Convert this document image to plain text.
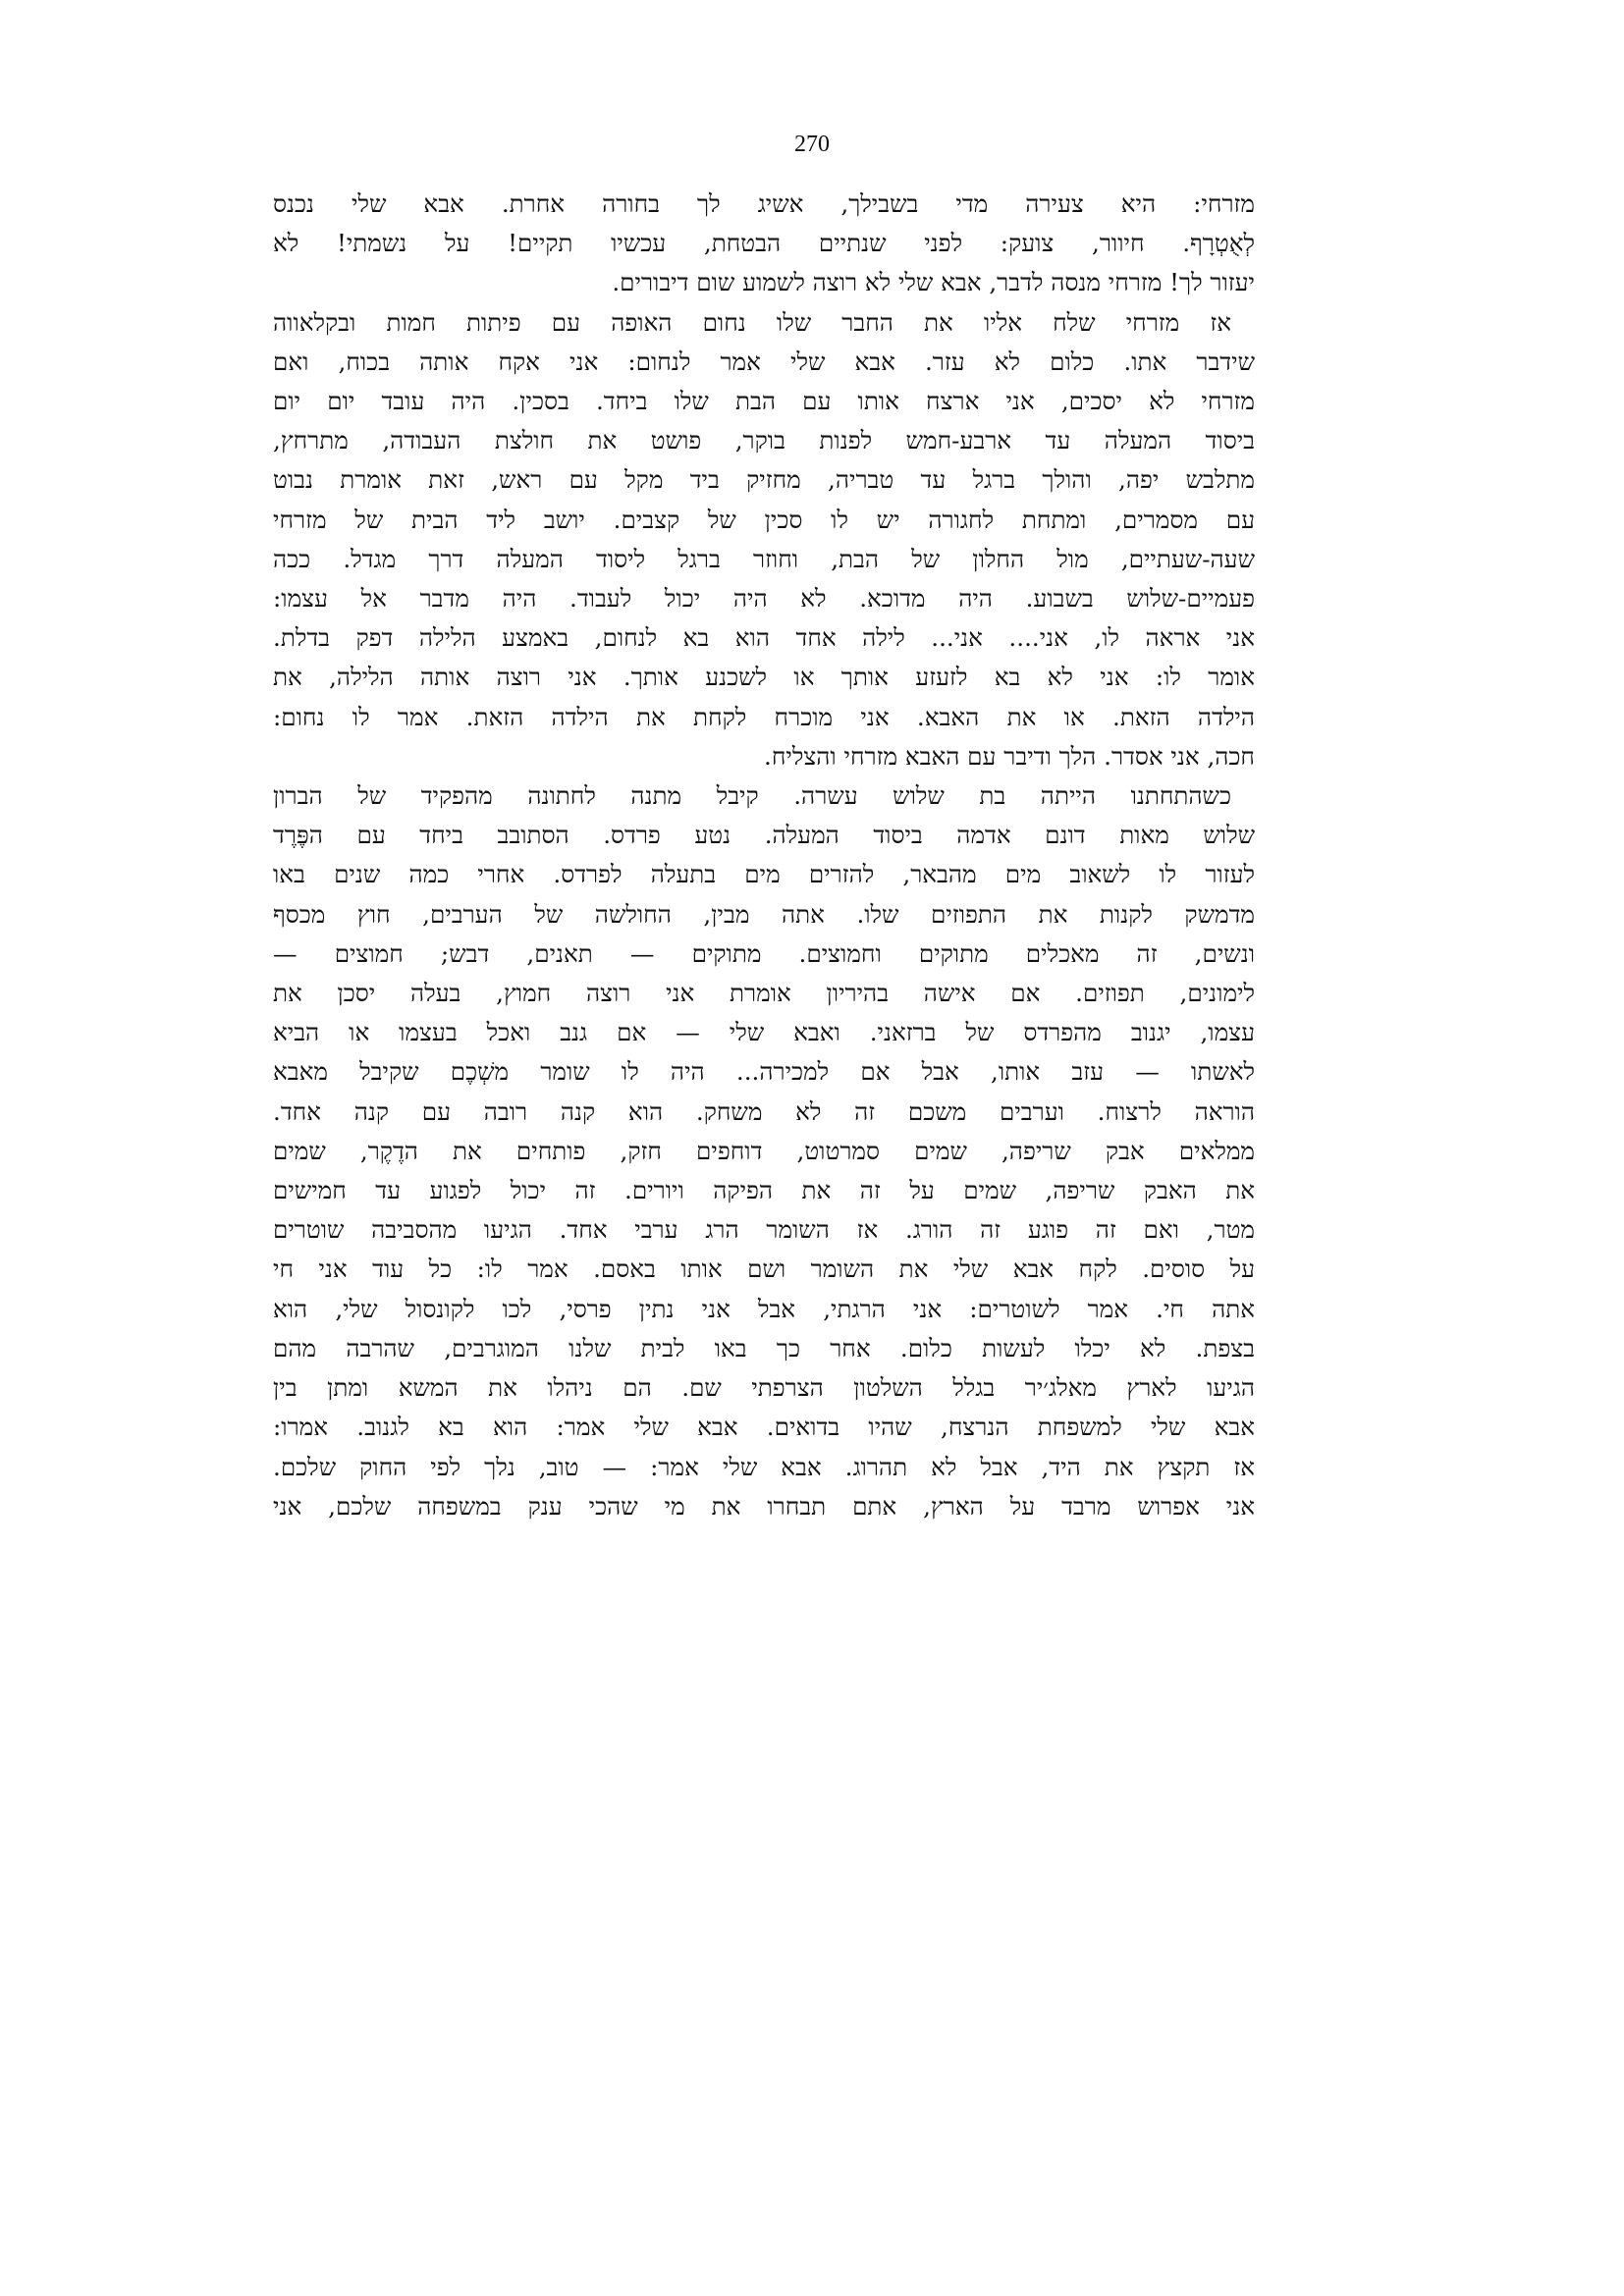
270
מזרחי: היא צעירה מדי בשבילך, אשיג לך בחורה אחרת. אבא שלי נכנס
לְאֻטְרָף. חיוור, צועק: לפני שנתיים הבטחת, עכשיו תקיים! על נשמתי! לא
יעזור לך! מזרחי מנסה לדבר, אבא שלי לא רוצה לשמוע שום דיבורים.
אז מזרחי שלח אליו את החבר שלו נחום האופה עם פיתות חמות ובקלאווה
שידבר אתו. כלום לא עזר. אבא שלי אמר לנחום: אני אקח אותה בכוח, ואם
מזרחי לא יסכים, אני ארצח אותו עם הבת שלו ביחד. בסכין. היה עובד יום יום
ביסוד המעלה עד ארבע-חמש לפנות בוקר, פושט את חולצת העבודה, מתרחץ,
מתלבש יפה, והולך ברגל עד טבריה, מחזיק ביד מקל עם ראש, זאת אומרת נבוט
עם מסמרים, ומתחת לחגורה יש לו סכין של קצבים. יושב ליד הבית של מזרחי
שעה-שעתיים, מול החלון של הבת, וחוזר ברגל ליסוד המעלה דרך מגדל. ככה
פעמיים-שלוש בשבוע. היה מדוכא. לא היה יכול לעבוד. היה מדבר אל עצמו:
אני אראה לו, אני.... אני... לילה אחד הוא בא לנחום, באמצע הלילה דפק בדלת.
אומר לו: אני לא בא לזעזע אותך או לשכנע אותך. אני רוצה אותה הלילה, את
הילדה הזאת. או את האבא. אני מוכרח לקחת את הילדה הזאת. אמר לו נחום:
חכה, אני אסדר. הלך ודיבר עם האבא מזרחי והצליח.
כשהתחתנו הייתה בת שלוש עשרה. קיבל מתנה לחתונה מהפקיד של הברון
שלוש מאות דונם אדמה ביסוד המעלה. נטע פרדס. הסתובב ביחד עם הפֶּרֶד
לעזור לו לשאוב מים מהבאר, להזרים מים בתעלה לפרדס. אחרי כמה שנים באו
מדמשק לקנות את התפוזים שלו. אתה מבין, החולשה של הערבים, חוץ מכסף
ונשים, זה מאכלים מתוקים וחמוצים. מתוקים — תאנים, דבש; חמוצים —
לימונים, תפוזים. אם אישה בהיריון אומרת אני רוצה חמוץ, בעלה יסכן את
עצמו, יגנוב מהפרדס של ברזאני. ואבא שלי — אם גנב ואכל בעצמו או הביא
לאשתו — עזב אותו, אבל אם למכירה... היה לו שומר משְׁכֶם שקיבל מאבא
הוראה לרצוח. וערבים משכם זה לא משחק. הוא קנה רובה עם קנה אחד.
ממלאים אבק שריפה, שמים סמרטוט, דוחפים חזק, פותחים את הדֶקֶר, שמים
את האבק שריפה, שמים על זה את הפיקה ויורים. זה יכול לפגוע עד חמישים
מטר, ואם זה פוגע זה הורג. אז השומר הרג ערבי אחד. הגיעו מהסביבה שוטרים
על סוסים. לקח אבא שלי את השומר ושם אותו באסם. אמר לו: כל עוד אני חי
אתה חי. אמר לשוטרים: אני הרגתי, אבל אני נתין פרסי, לכו לקונסול שלי, הוא
בצפת. לא יכלו לעשות כלום. אחר כך באו לבית שלנו המוגרבים, שהרבה מהם
הגיעו לארץ מאלג׳יר בגלל השלטון הצרפתי שם. הם ניהלו את המשא ומתן בין
אבא שלי למשפחת הנרצח, שהיו בדואים. אבא שלי אמר: הוא בא לגנוב. אמרו:
אז תקצץ את היד, אבל לא תהרוג. אבא שלי אמר: — טוב, נלך לפי החוק שלכם.
אני אפרוש מרבד על הארץ, אתם תבחרו את מי שהכי ענק במשפחה שלכם, אני
